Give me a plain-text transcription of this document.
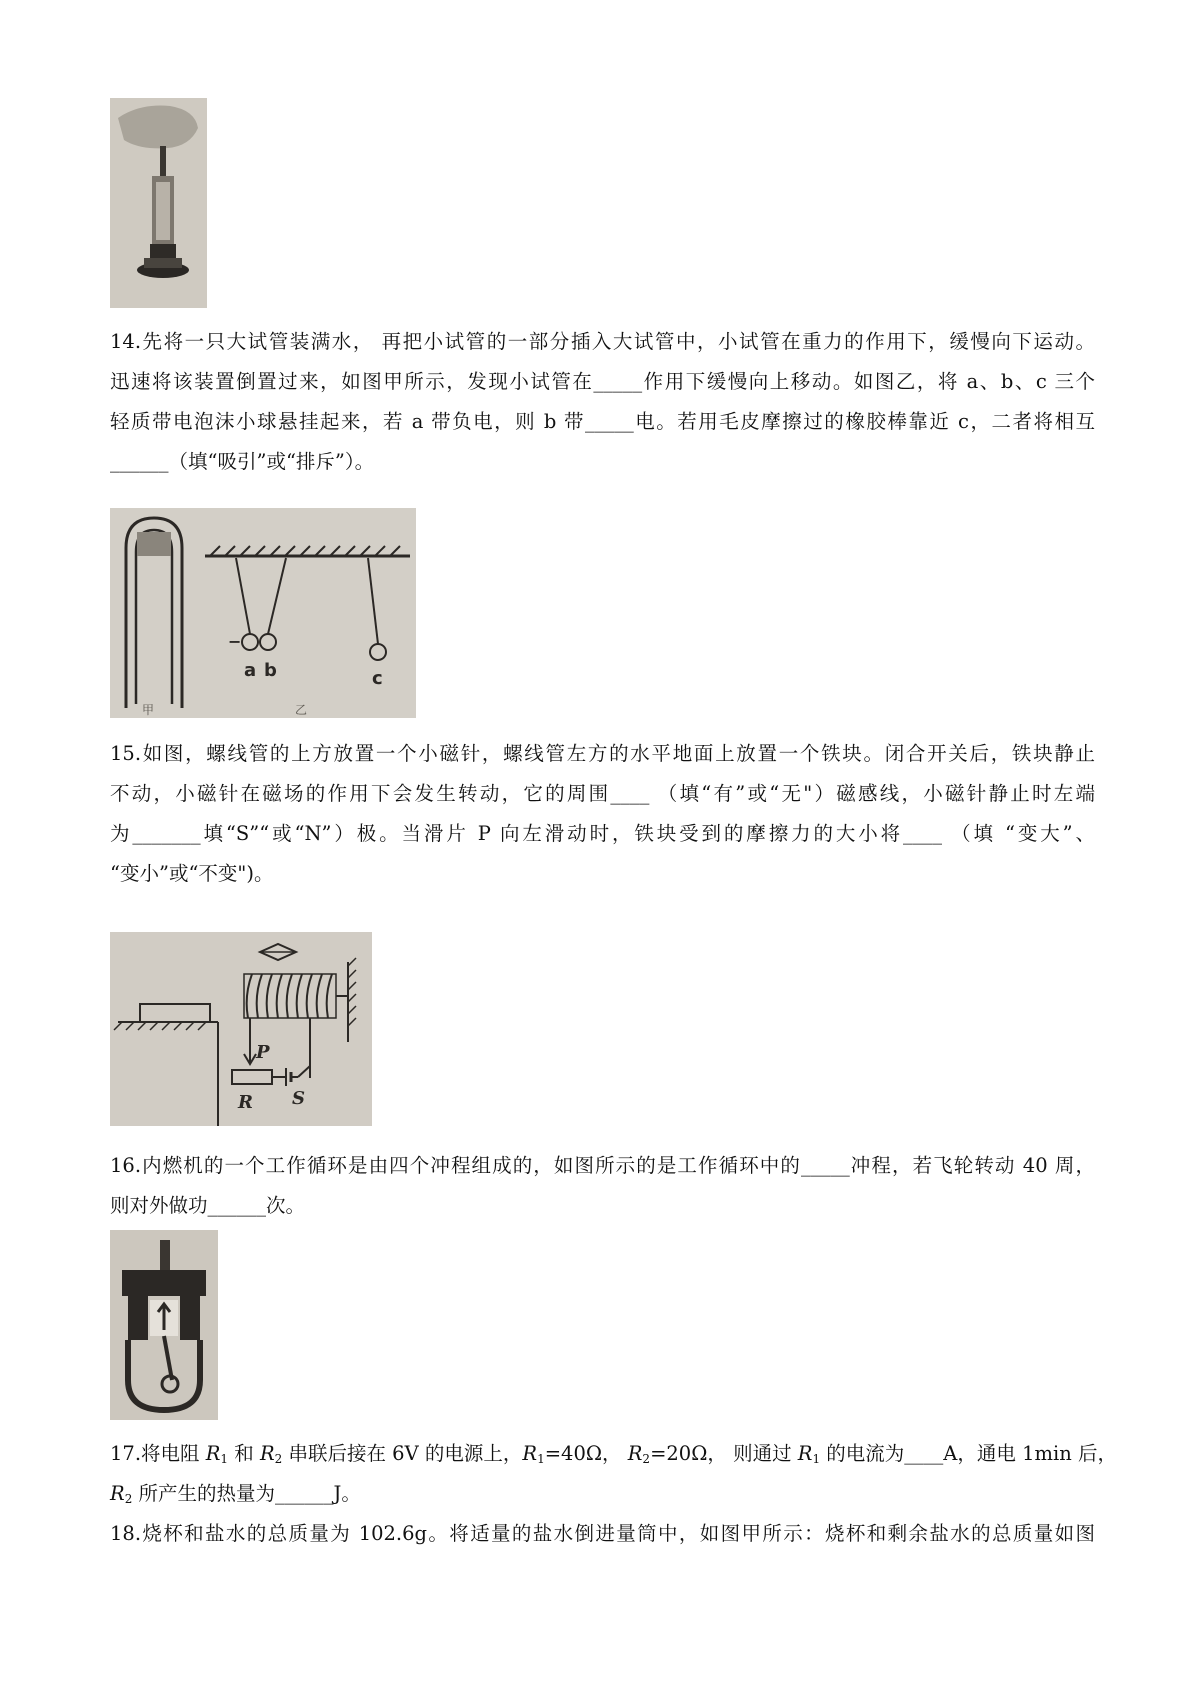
14.先将一只大试管装满水， 再把小试管的一部分插入大试管中，小试管在重力的作用下，缓慢向下运动。
迅速将该装置倒置过来，如图甲所示，发现小试管在_____作用下缓慢向上移动。如图乙，将 a、b、c 三个
轻质带电泡沫小球悬挂起来，若 a 带负电，则 b 带_____电。若用毛皮摩擦过的橡胶棒靠近 c，二者将相互
______（填“吸引”或“排斥”）。
甲
−
a b	c
乙
15.如图，螺线管的上方放置一个小磁针，螺线管左方的水平地面上放置一个铁块。闭合开关后，铁块静止
不动，小磁针在磁场的作用下会发生转动，它的周围____ （填“有”或“无"）磁感线，小磁针静止时左端
为_______填“S”“或“N”）极。当滑片 P 向左滑动时，铁块受到的摩擦力的大小将____ （填 “变大”、
“变小”或“不变")。
P
R S
16.内燃机的一个工作循环是由四个冲程组成的，如图所示的是工作循环中的_____冲程，若飞轮转动 40 周，
则对外做功______次。
17.将电阻 $R_1$ 和 $R_2$ 串联后接在 6V 的电源上，$R_1=40\Omega$， $R_2=20\Omega$， 则通过 $R_1$ 的电流为____A，通电 1min 后，
$R_2$ 所产生的热量为______J。
18.烧杯和盐水的总质量为 102.6g。将适量的盐水倒进量筒中，如图甲所示：烧杯和剩余盐水的总质量如图
